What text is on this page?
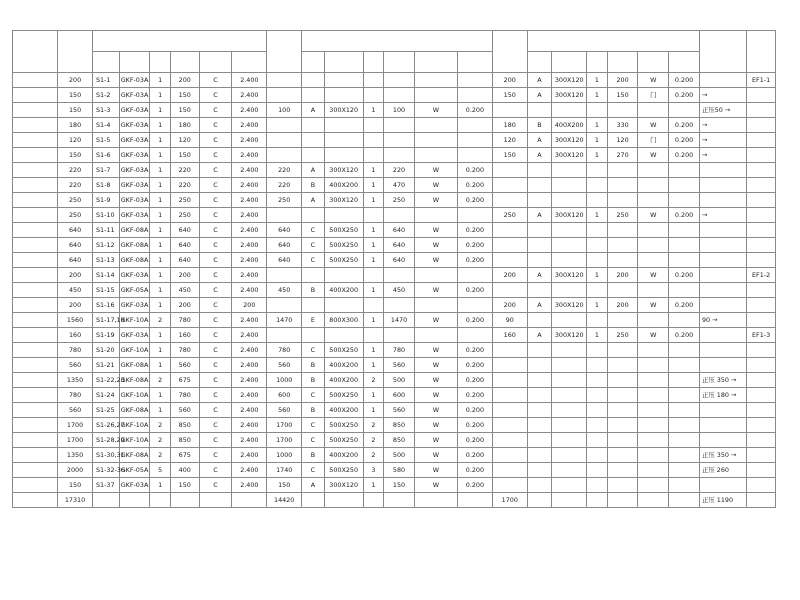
	200	S1-1	GKF-03A	1	200	C	2.400								200	A	300X120	1	200	W	0.200		EF1-1
	150	S1-2	GKF-03A	1	150	C	2.400								150	A	300X120	1	150	门	0.200	→	
	150	S1-3	GKF-03A	1	150	C	2.400	100	A	300X120	1	100	W	0.200								正压50 →	
	180	S1-4	GKF-03A	1	180	C	2.400								180	B	400X200	1	330	W	0.200	→	
	120	S1-5	GKF-03A	1	120	C	2.400								120	A	300X120	1	120	门	0.200	→	
	150	S1-6	GKF-03A	1	150	C	2.400								150	A	300X120	1	270	W	0.200	→	
	220	S1-7	GKF-03A	1	220	C	2.400	220	A	300X120	1	220	W	0.200									
	220	S1-8	GKF-03A	1	220	C	2.400	220	B	400X200	1	470	W	0.200									
	250	S1-9	GKF-03A	1	250	C	2.400	250	A	300X120	1	250	W	0.200									
	250	S1-10	GKF-03A	1	250	C	2.400								250	A	300X120	1	250	W	0.200	→	
	640	S1-11	GKF-08A	1	640	C	2.400	640	C	500X250	1	640	W	0.200									
	640	S1-12	GKF-08A	1	640	C	2.400	640	C	500X250	1	640	W	0.200									
	640	S1-13	GKF-08A	1	640	C	2.400	640	C	500X250	1	640	W	0.200									
	200	S1-14	GKF-03A	1	200	C	2.400								200	A	300X120	1	200	W	0.200		EF1-2
	450	S1-15	GKF-05A	1	450	C	2.400	450	B	400X200	1	450	W	0.200									
	200	S1-16	GKF-03A	1	200	C	200								200	A	300X120	1	200	W	0.200		
	1560	S1-17,18	GKF-10A	2	780	C	2.400	1470	E	800X300	1	1470	W	0.200	90							90 →	
	160	S1-19	GKF-03A	1	160	C	2.400								160	A	300X120	1	250	W	0.200		EF1-3
	780	S1-20	GKF-10A	1	780	C	2.400	780	C	500X250	1	780	W	0.200									
	560	S1-21	GKF-08A	1	560	C	2.400	560	B	400X200	1	560	W	0.200									
	1350	S1-22,23	GKF-08A	2	675	C	2.400	1000	B	400X200	2	500	W	0.200								正压 350 →	
	780	S1-24	GKF-10A	1	780	C	2.400	600	C	500X250	1	600	W	0.200								正压 180 →	
	560	S1-25	GKF-08A	1	560	C	2.400	560	B	400X200	1	560	W	0.200									
	1700	S1-26,27	GKF-10A	2	850	C	2.400	1700	C	500X250	2	850	W	0.200									
	1700	S1-28,29	GKF-10A	2	850	C	2.400	1700	C	500X250	2	850	W	0.200									
	1350	S1-30,31	GKF-08A	2	675	C	2.400	1000	B	400X200	2	500	W	0.200								正压 350 →	
	2000	S1-32-36	GKF-05A	5	400	C	2.400	1740	C	500X250	3	580	W	0.200								正压 260	
	150	S1-37	GKF-03A	1	150	C	2.400	150	A	300X120	1	150	W	0.200									
	17310							14420							1700							正压 1190	
